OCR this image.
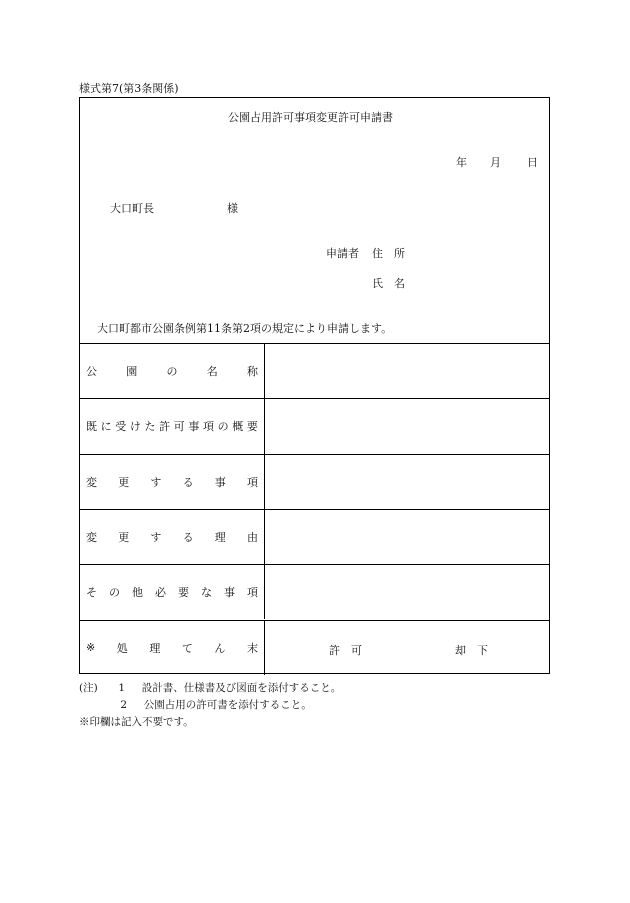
様式第7(第3条関係)
公園占用許可事項変更許可申請書
年 月 日
大口町長	様
申請者 住　所
氏　名
大口町都市公園条例第11条第2項の規定により申請します。
公	園	の	名	称
既 に 受 け た 許 可 事 項 の 概 要
変 更 す る 事 項
変 更 す る 理 由
そ の 他 必 要 な 事 項
※ 処 理 て ん 末	許　可	却　下
(注) 1 設計書、仕様書及び図面を添付すること。
2 公園占用の許可書を添付すること。
※印欄は記入不要です。
